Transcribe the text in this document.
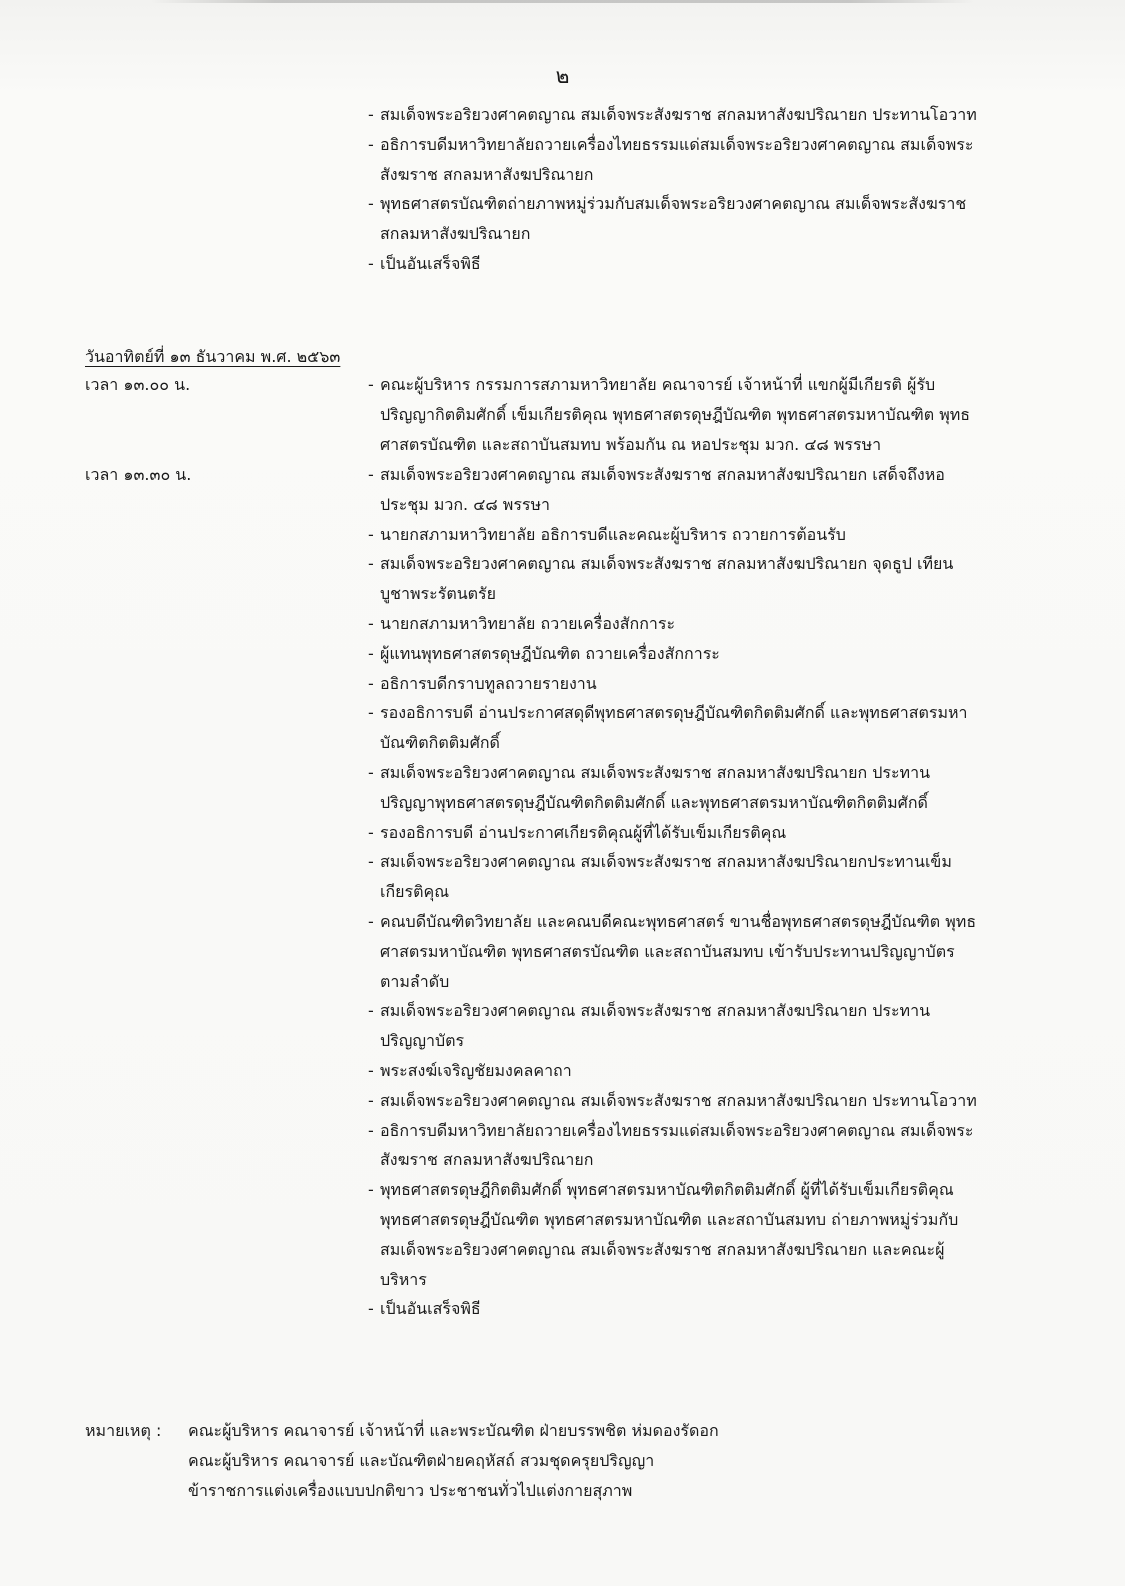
๒
- สมเด็จพระอริยวงศาคตญาณ สมเด็จพระสังฆราช สกลมหาสังฆปริณายก ประทานโอวาท
- อธิการบดีมหาวิทยาลัยถวายเครื่องไทยธรรมแด่สมเด็จพระอริยวงศาคตญาณ สมเด็จพระสังฆราช สกลมหาสังฆปริณายก
- พุทธศาสตรบัณฑิตถ่ายภาพหมู่ร่วมกับสมเด็จพระอริยวงศาคตญาณ สมเด็จพระสังฆราช สกลมหาสังฆปริณายก
- เป็นอันเสร็จพิธี
วันอาทิตย์ที่ ๑๓ ธันวาคม พ.ศ. ๒๕๖๓
เวลา ๑๓.๐๐ น.	- คณะผู้บริหาร กรรมการสภามหาวิทยาลัย คณาจารย์ เจ้าหน้าที่ แขกผู้มีเกียรติ ผู้รับปริญญากิตติมศักดิ์ เข็มเกียรติคุณ พุทธศาสตรดุษฎีบัณฑิต พุทธศาสตรมหาบัณฑิต พุทธศาสตรบัณฑิต และสถาบันสมทบ พร้อมกัน ณ หอประชุม มวก. ๔๘ พรรษา
เวลา ๑๓.๓๐ น.	- สมเด็จพระอริยวงศาคตญาณ สมเด็จพระสังฆราช สกลมหาสังฆปริณายก เสด็จถึงหอประชุม มวก. ๔๘ พรรษา
- นายกสภามหาวิทยาลัย อธิการบดีและคณะผู้บริหาร ถวายการต้อนรับ
- สมเด็จพระอริยวงศาคตญาณ สมเด็จพระสังฆราช สกลมหาสังฆปริณายก จุดธูป เทียน บูชาพระรัตนตรัย
- นายกสภามหาวิทยาลัย ถวายเครื่องสักการะ
- ผู้แทนพุทธศาสตรดุษฎีบัณฑิต ถวายเครื่องสักการะ
- อธิการบดีกราบทูลถวายรายงาน
- รองอธิการบดี อ่านประกาศสดุดีพุทธศาสตรดุษฎีบัณฑิตกิตติมศักดิ์ และพุทธศาสตรมหาบัณฑิตกิตติมศักดิ์
- สมเด็จพระอริยวงศาคตญาณ สมเด็จพระสังฆราช สกลมหาสังฆปริณายก ประทานปริญญาพุทธศาสตรดุษฎีบัณฑิตกิตติมศักดิ์ และพุทธศาสตรมหาบัณฑิตกิตติมศักดิ์
- รองอธิการบดี อ่านประกาศเกียรติคุณผู้ที่ได้รับเข็มเกียรติคุณ
- สมเด็จพระอริยวงศาคตญาณ สมเด็จพระสังฆราช สกลมหาสังฆปริณายกประทานเข็มเกียรติคุณ
- คณบดีบัณฑิตวิทยาลัย และคณบดีคณะพุทธศาสตร์ ขานชื่อพุทธศาสตรดุษฎีบัณฑิต พุทธศาสตรมหาบัณฑิต พุทธศาสตรบัณฑิต และสถาบันสมทบ เข้ารับประทานปริญญาบัตร ตามลำดับ
- สมเด็จพระอริยวงศาคตญาณ สมเด็จพระสังฆราช สกลมหาสังฆปริณายก ประทานปริญญาบัตร
- พระสงฆ์เจริญชัยมงคลคาถา
- สมเด็จพระอริยวงศาคตญาณ สมเด็จพระสังฆราช สกลมหาสังฆปริณายก ประทานโอวาท
- อธิการบดีมหาวิทยาลัยถวายเครื่องไทยธรรมแด่สมเด็จพระอริยวงศาคตญาณ สมเด็จพระสังฆราช สกลมหาสังฆปริณายก
- พุทธศาสตรดุษฎีกิตติมศักดิ์ พุทธศาสตรมหาบัณฑิตกิตติมศักดิ์ ผู้ที่ได้รับเข็มเกียรติคุณ พุทธศาสตรดุษฎีบัณฑิต พุทธศาสตรมหาบัณฑิต และสถาบันสมทบ ถ่ายภาพหมู่ร่วมกับสมเด็จพระอริยวงศาคตญาณ สมเด็จพระสังฆราช สกลมหาสังฆปริณายก และคณะผู้บริหาร
- เป็นอันเสร็จพิธี
หมายเหตุ : คณะผู้บริหาร คณาจารย์ เจ้าหน้าที่ และพระบัณฑิต ฝ่ายบรรพชิต ห่มดองรัดอก
คณะผู้บริหาร คณาจารย์ และบัณฑิตฝ่ายคฤหัสถ์ สวมชุดครุยปริญญา
ข้าราชการแต่งเครื่องแบบปกติขาว ประชาชนทั่วไปแต่งกายสุภาพ
